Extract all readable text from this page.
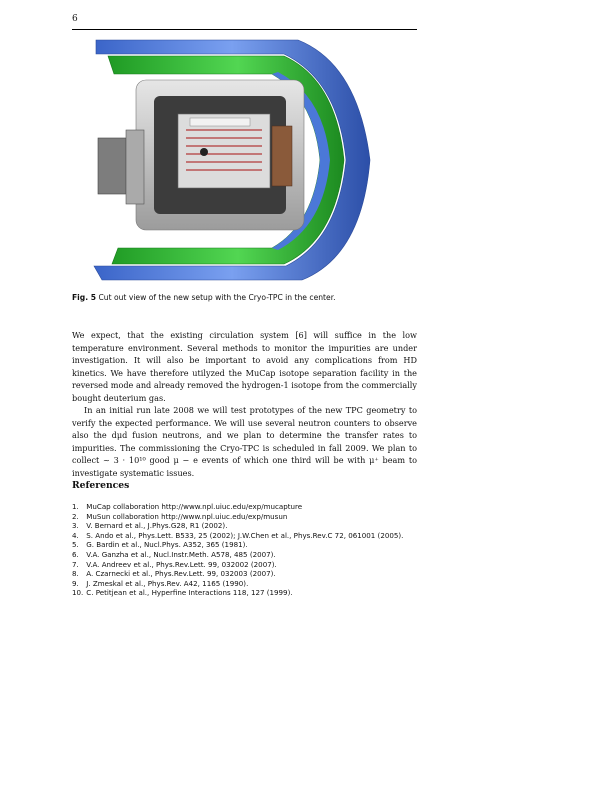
6
Fig. 5 Cut out view of the new setup with the Cryo-TPC in the center.

We expect, that the existing circulation system [6] will suffice in the low temperature environment. Several methods to monitor the impurities are under investigation. It will also be important to avoid any complications from HD kinetics. We have therefore utilyzed the MuCap isotope separation facility in the reversed mode and already removed the hydrogen-1 isotope from the commercially bought deuterium gas.

In an initial run late 2008 we will test prototypes of the new TPC geometry to verify the expected performance. We will use several neutron counters to observe also the dμd fusion neutrons, and we plan to determine the transfer rates to impurities. The commissioning the Cryo-TPC is scheduled in fall 2009. We plan to collect ~ 3 · 10¹⁰ good μ − e events of which one third will be with μ⁺ beam to investigate systematic issues.

References
1. MuCap collaboration http://www.npl.uiuc.edu/exp/mucapture
2. MuSun collaboration http://www.npl.uiuc.edu/exp/musun
3. V. Bernard et al., J.Phys.G28, R1 (2002).
4. S. Ando et al., Phys.Lett. B533, 25 (2002); J.W.Chen et al., Phys.Rev.C 72, 061001 (2005).
5. G. Bardin et al., Nucl.Phys. A352, 365 (1981).
6. V.A. Ganzha et al., Nucl.Instr.Meth. A578, 485 (2007).
7. V.A. Andreev et al., Phys.Rev.Lett. 99, 032002 (2007).
8. A. Czarnecki et al., Phys.Rev.Lett. 99, 032003 (2007).
9. J. Zmeskal et al., Phys.Rev. A42, 1165 (1990).
10. C. Petitjean et al., Hyperfine Interactions 118, 127 (1999).
